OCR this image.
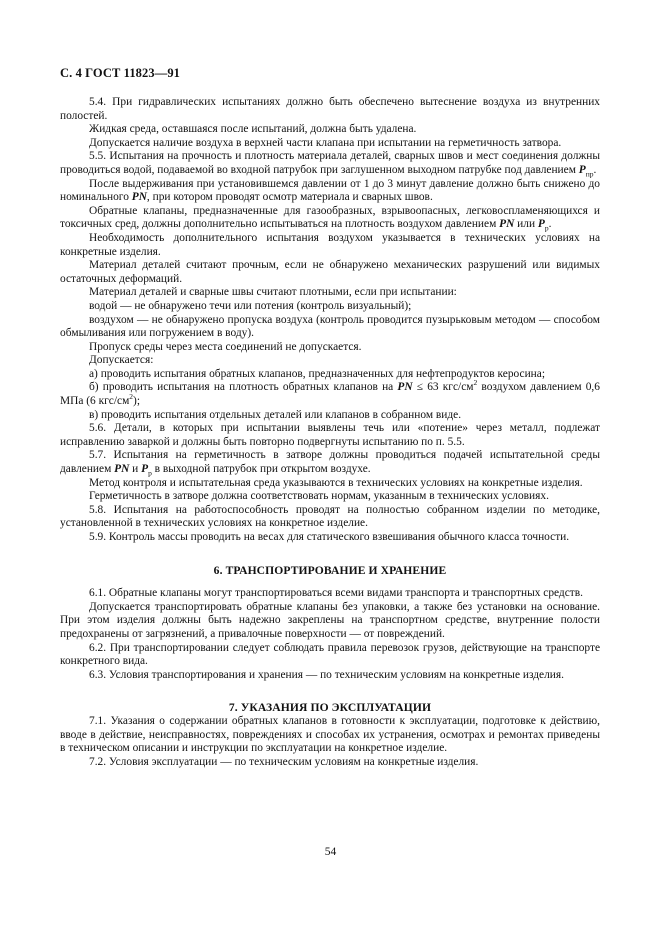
С. 4 ГОСТ 11823—91

5.4. При гидравлических испытаниях должно быть обеспечено вытеснение воздуха из внутренних полостей.

Жидкая среда, оставшаяся после испытаний, должна быть удалена.

Допускается наличие воздуха в верхней части клапана при испытании на герметичность затвора.

5.5. Испытания на прочность и плотность материала деталей, сварных швов и мест соединения должны проводиться водой, подаваемой во входной патрубок при заглушенном выходном патрубке под давлением $P_{пр}$.

После выдерживания при установившемся давлении от 1 до 3 минут давление должно быть снижено до номинального PN, при котором проводят осмотр материала и сварных швов.

Обратные клапаны, предназначенные для газообразных, взрывоопасных, легковоспламеняющихся и токсичных сред, должны дополнительно испытываться на плотность воздухом давлением PN или $P_р$.

Необходимость дополнительного испытания воздухом указывается в технических условиях на конкретные изделия.

Материал деталей считают прочным, если не обнаружено механических разрушений или видимых остаточных деформаций.

Материал деталей и сварные швы считают плотными, если при испытании:

водой — не обнаружено течи или потения (контроль визуальный);

воздухом — не обнаружено пропуска воздуха (контроль проводится пузырьковым методом — способом обмыливания или погружением в воду).

Пропуск среды через места соединений не допускается.

Допускается:

а) проводить испытания обратных клапанов, предназначенных для нефтепродуктов керосина;

б) проводить испытания на плотность обратных клапанов на PN ≤ 63 кгс/$см^2$ воздухом давлением 0,6 МПа (6 кгс/$см^2$);

в) проводить испытания отдельных деталей или клапанов в собранном виде.

5.6. Детали, в которых при испытании выявлены течь или «потение» через металл, подлежат исправлению заваркой и должны быть повторно подвергнуты испытанию по п. 5.5.

5.7. Испытания на герметичность в затворе должны проводиться подачей испытательной среды давлением PN и $P_р$ в выходной патрубок при открытом воздухе.

Метод контроля и испытательная среда указываются в технических условиях на конкретные изделия.

Герметичность в затворе должна соответствовать нормам, указанным в технических условиях.

5.8. Испытания на работоспособность проводят на полностью собранном изделии по методике, установленной в технических условиях на конкретное изделие.

5.9. Контроль массы проводить на весах для статического взвешивания обычного класса точности.

6. ТРАНСПОРТИРОВАНИЕ И ХРАНЕНИЕ

6.1. Обратные клапаны могут транспортироваться всеми видами транспорта и транспортных средств.

Допускается транспортировать обратные клапаны без упаковки, а также без установки на основание. При этом изделия должны быть надежно закреплены на транспортном средстве, внутренние полости предохранены от загрязнений, а привалочные поверхности — от повреждений.

6.2. При транспортировании следует соблюдать правила перевозок грузов, действующие на транспорте конкретного вида.

6.3. Условия транспортирования и хранения — по техническим условиям на конкретные изделия.

7. УКАЗАНИЯ ПО ЭКСПЛУАТАЦИИ

7.1. Указания о содержании обратных клапанов в готовности к эксплуатации, подготовке к действию, вводе в действие, неисправностях, повреждениях и способах их устранения, осмотрах и ремонтах приведены в техническом описании и инструкции по эксплуатации на конкретное изделие.

7.2. Условия эксплуатации — по техническим условиям на конкретные изделия.

54
